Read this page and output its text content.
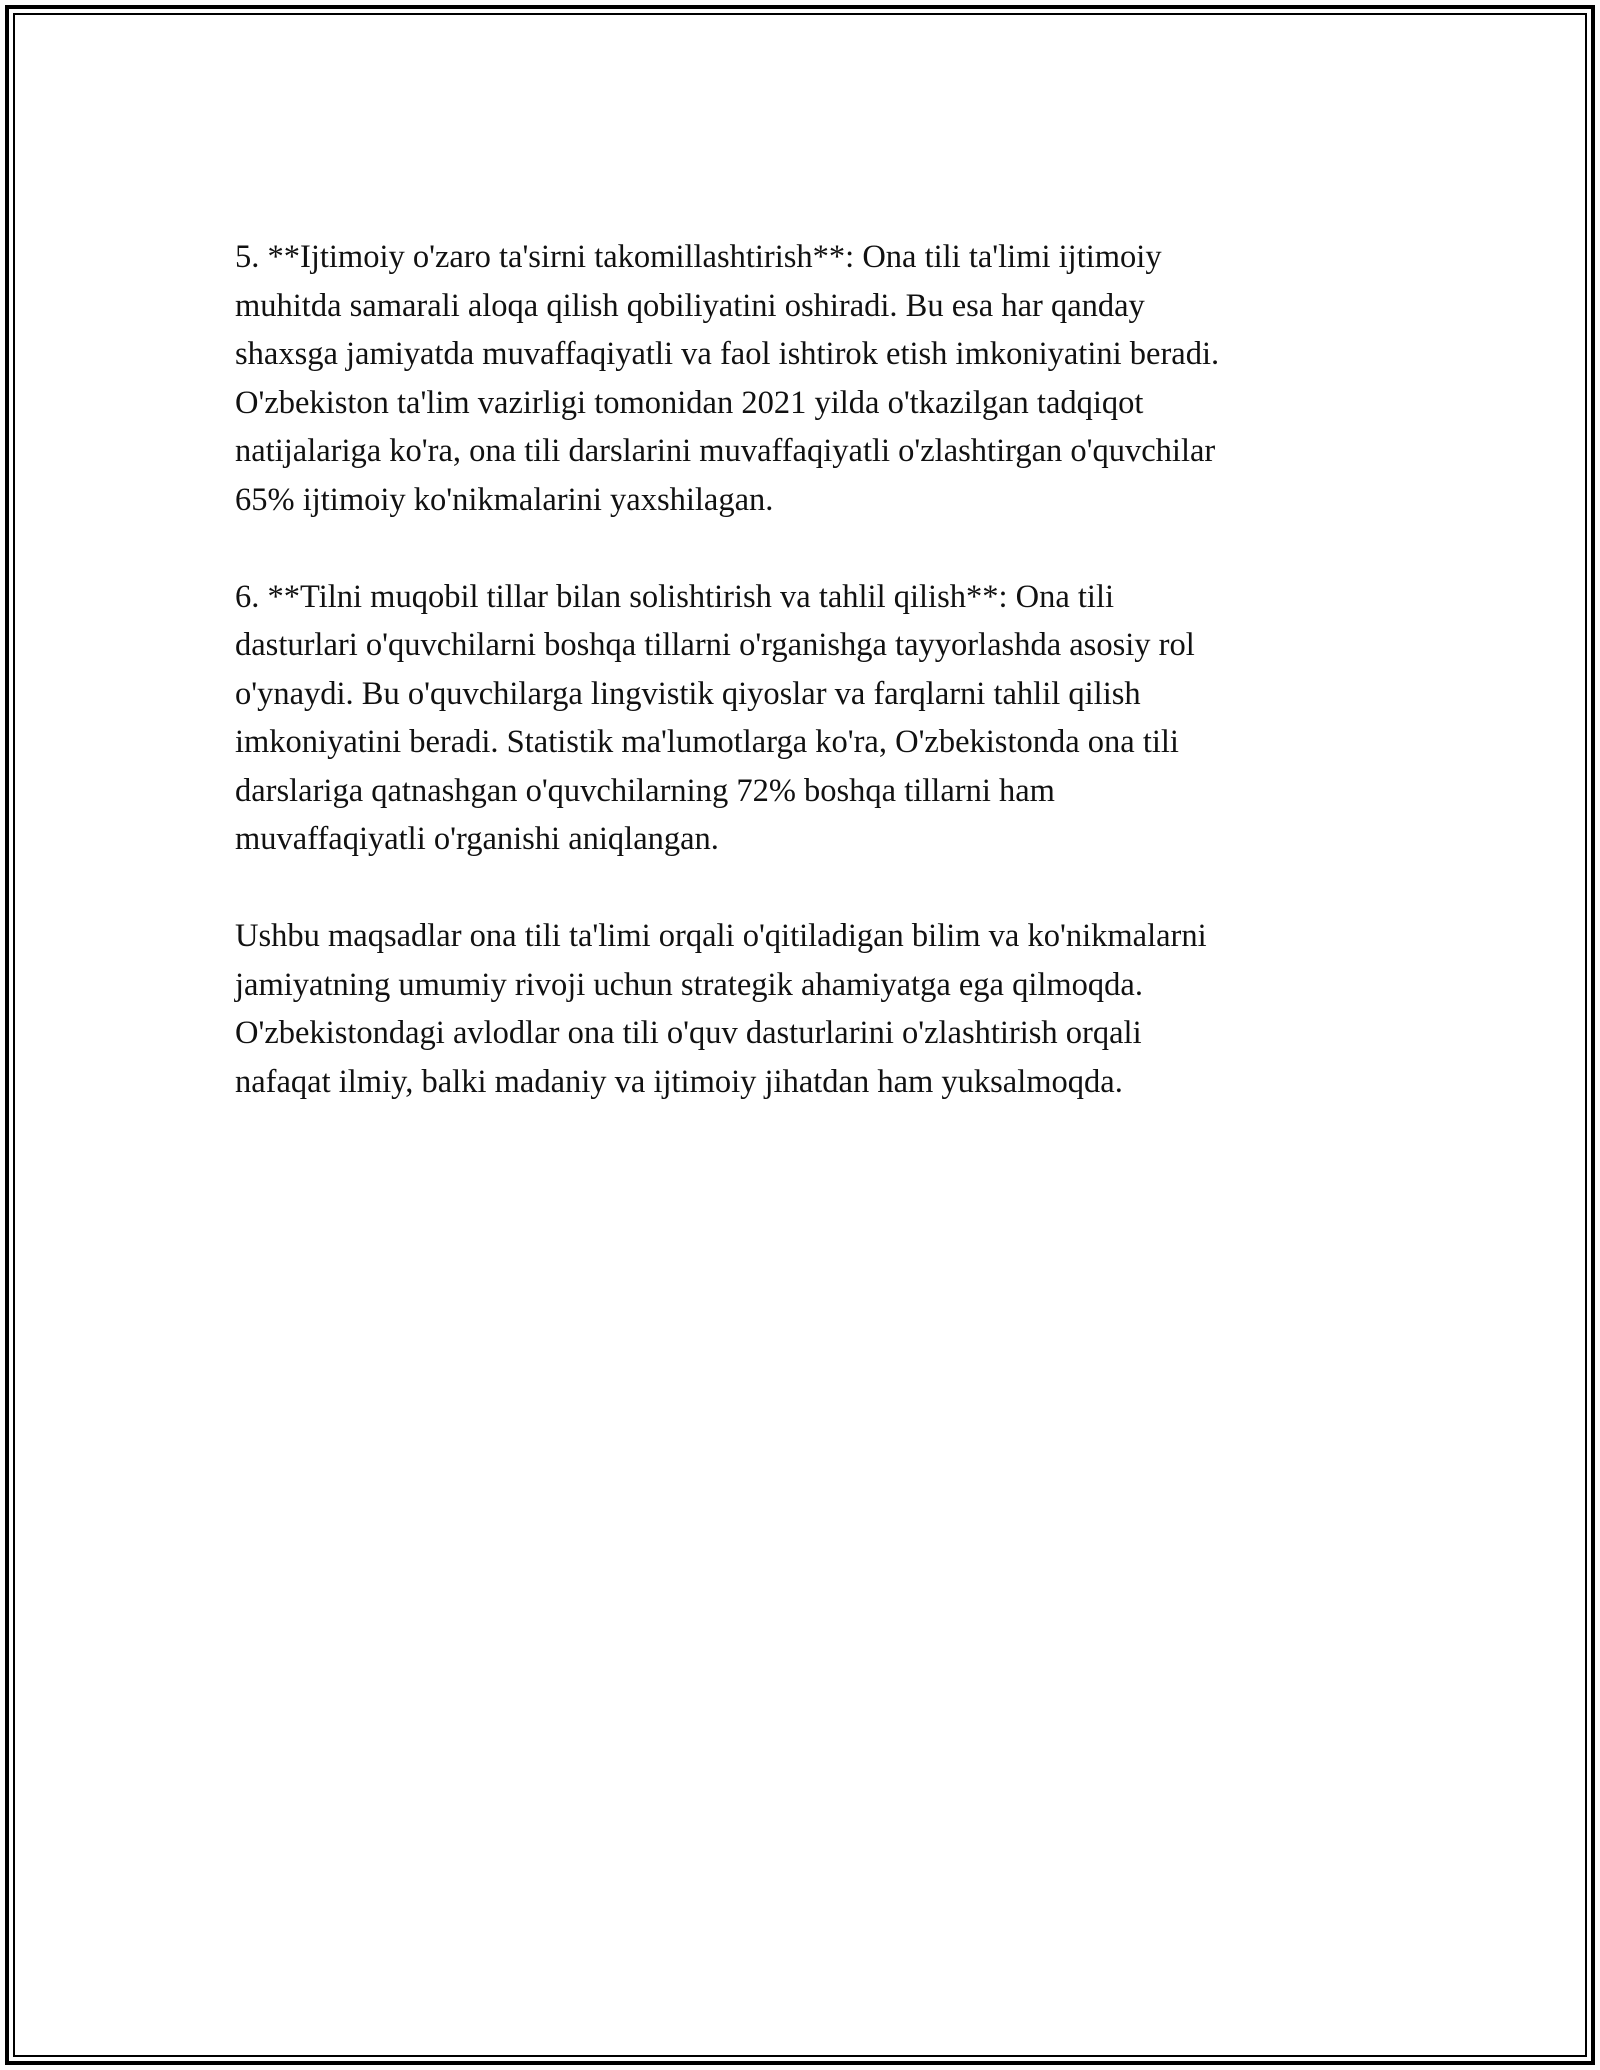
5. **Ijtimoiy o'zaro ta'sirni takomillashtirish**: Ona tili ta'limi ijtimoiy
muhitda samarali aloqa qilish qobiliyatini oshiradi. Bu esa har qanday
shaxsga jamiyatda muvaffaqiyatli va faol ishtirok etish imkoniyatini beradi.
O'zbekiston ta'lim vazirligi tomonidan 2021 yilda o'tkazilgan tadqiqot
natijalariga ko'ra, ona tili darslarini muvaffaqiyatli o'zlashtirgan o'quvchilar
65% ijtimoiy ko'nikmalarini yaxshilagan.

6. **Tilni muqobil tillar bilan solishtirish va tahlil qilish**: Ona tili
dasturlari o'quvchilarni boshqa tillarni o'rganishga tayyorlashda asosiy rol
o'ynaydi. Bu o'quvchilarga lingvistik qiyoslar va farqlarni tahlil qilish
imkoniyatini beradi. Statistik ma'lumotlarga ko'ra, O'zbekistonda ona tili
darslariga qatnashgan o'quvchilarning 72% boshqa tillarni ham
muvaffaqiyatli o'rganishi aniqlangan.

Ushbu maqsadlar ona tili ta'limi orqali o'qitiladigan bilim va ko'nikmalarni
jamiyatning umumiy rivoji uchun strategik ahamiyatga ega qilmoqda.
O'zbekistondagi avlodlar ona tili o'quv dasturlarini o'zlashtirish orqali
nafaqat ilmiy, balki madaniy va ijtimoiy jihatdan ham yuksalmoqda.
